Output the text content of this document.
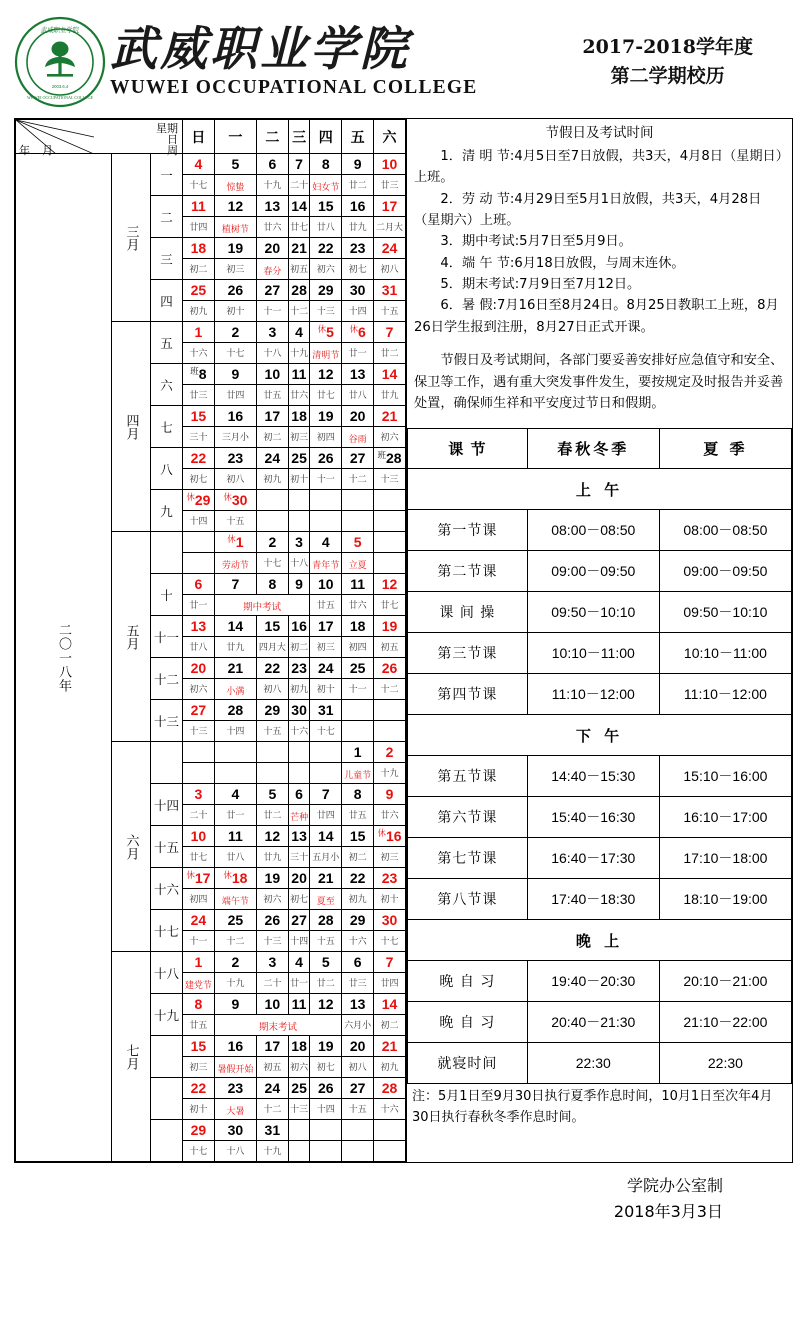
武威职业学院
WUWEI OCCUPATIONAL COLLEGE
2003.6.4
武威职业学院
WUWEI OCCUPATIONAL COLLEGE
2017-2018学年度
第二学期校历
星期
日
周
年 月			日	一	二	三	四	五	六

二〇一八年	三月	一	4	5	6	7	8	9	10
			十七	惊蛰	十九	二十	妇女节	廿二	廿三
		二	11	12	13	14	15	16	17
			廿四	植树节	廿六	廿七	廿八	廿九	二月大
		三	18	19	20	21	22	23	24
			初二	初三	春分	初五	初六	初七	初八
		四	25	26	27	28	29	30	31
			初九	初十	十一	十二	十三	十四	十五

	四月	五	1	2	3	4	$^休$5	$^休$6	7
			十六	十七	十八	十九	清明节	廿一	廿二
		六	$^班$8	9	10	11	12	13	14
			廿三	廿四	廿五	廿六	廿七	廿八	廿九
		七	15	16	17	18	19	20	21
			三十	三月小	初二	初三	初四	谷雨	初六
		八	22	23	24	25	26	27	$^班$28
			初七	初八	初九	初十	十一	十二	十三
		九	$^休$29	$^休$30					
			十四	十五					

	五月			$^休$1	2	3	4	5	
				劳动节	十七	十八	青年节	立夏	
		十	6	7	8	9	10	11	12
			廿一	期中考试			廿五	廿六	廿七
		十一	13	14	15	16	17	18	19
			廿八	廿九	四月大	初二	初三	初四	初五
		十二	20	21	22	23	24	25	26
			初六	小满	初八	初九	初十	十一	十二
		十三	27	28	29	30	31		
			十三	十四	十五	十六	十七		

	六月							1	2
								儿童节	十九
		十四	3	4	5	6	7	8	9
			二十	廿一	廿二	芒种	廿四	廿五	廿六
		十五	10	11	12	13	14	15	$^休$16
			廿七	廿八	廿九	三十	五月小	初二	初三
		十六	$^休$17	$^休$18	19	20	21	22	23
			初四	端午节	初六	初七	夏至	初九	初十
		十七	24	25	26	27	28	29	30
			十一	十二	十三	十四	十五	十六	十七

	七月	十八	1	2	3	4	5	6	7
			建党节	十九	二十	廿一	廿二	廿三	廿四
		十九	8	9	10	11	12	13	14
			廿五	期末考试				六月小	初二
			15	16	17	18	19	20	21
			初三	暑假开始	初五	初六	初七	初八	初九
			22	23	24	25	26	27	28
			初十	大暑	十二	十三	十四	十五	十六
			29	30	31				
			十七	十八	十九				
节假日及考试时间

1．清 明 节:4月5日至7日放假，共3天，4月8日（星期日）上班。

2．劳 动 节:4月29日至5月1日放假，共3天，4月28日（星期六）上班。

3．期中考试:5月7日至5月9日。

4．端 午 节:6月18日放假，与周末连休。

5．期末考试:7月9日至7月12日。

6．暑 假:7月16日至8月24日。8月25日教职工上班，8月26日学生报到注册，8月27日正式开课。

节假日及考试期间，各部门要妥善安排好应急值守和安全、保卫等工作，遇有重大突发事件发生，要按规定及时报告并妥善处置，确保师生祥和平安度过节日和假期。

课 节	春秋冬季	夏 季
上 午		
第一节课	08:00－08:50	08:00－08:50
第二节课	09:00－09:50	09:00－09:50
课 间 操	09:50－10:10	09:50－10:10
第三节课	10:10－11:00	10:10－11:00
第四节课	11:10－12:00	11:10－12:00
下 午		
第五节课	14:40－15:30	15:10－16:00
第六节课	15:40－16:30	16:10－17:00
第七节课	16:40－17:30	17:10－18:00
第八节课	17:40－18:30	18:10－19:00
晚 上		
晚 自 习	19:40－20:30	20:10－21:00
晚 自 习	20:40－21:30	21:10－22:00
就寝时间	22:30	22:30
注：5月1日至9月30日执行夏季作息时间，10月1日至次年4月30日执行春秋冬季作息时间。
学院办公室制
2018年3月3日
